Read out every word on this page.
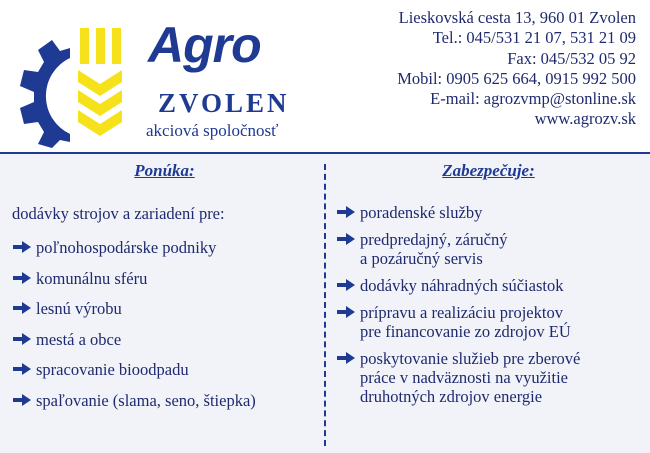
Agro
ZVOLEN
akciová spoločnosť
Lieskovská cesta 13, 960 01 Zvolen
Tel.: 045/531 21 07, 531 21 09
Fax: 045/532 05 92
Mobil: 0905 625 664, 0915 992 500
E-mail: agrozvmp@stonline.sk
www.agrozv.sk
Ponúka:
dodávky strojov a zariadení pre:
poľnohospodárske podniky
komunálnu sféru
lesnú výrobu
mestá a obce
spracovanie bioodpadu
spaľovanie (slama, seno, štiepka)
Zabezpečuje:
poradenské služby
predpredajný, záručný
a pozáručný servis
dodávky náhradných súčiastok
prípravu a realizáciu projektov
pre financovanie zo zdrojov EÚ
poskytovanie služieb pre zberové
práce v nadväznosti na využitie
druhotných zdrojov energie
